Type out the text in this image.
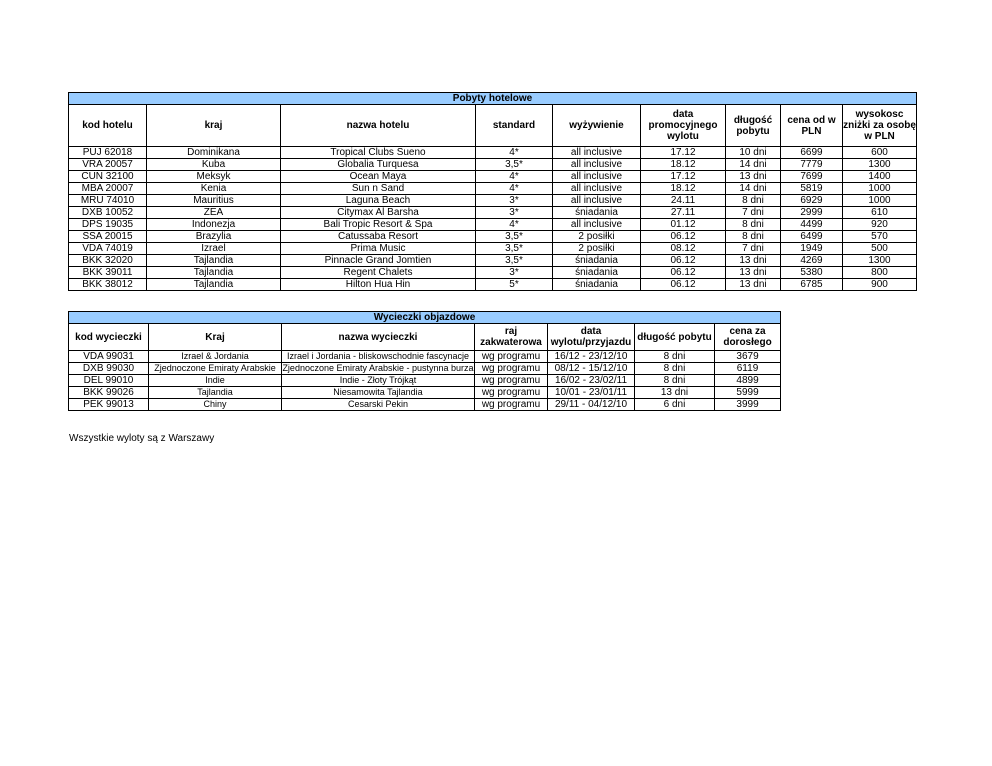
Pobyty hotelowe								
kod hotelu	kraj	nazwa hotelu	standard	wyżywienie	data promocyjnego wylotu	długość pobytu	cena od w PLN	wysokosc zniżki za osobę w PLN
PUJ 62018	Dominikana	Tropical Clubs Sueno	4*	all inclusive	17.12	10 dni	6699	600
VRA 20057	Kuba	Globalia Turquesa	3,5*	all inclusive	18.12	14 dni	7779	1300
CUN 32100	Meksyk	Ocean Maya	4*	all inclusive	17.12	13 dni	7699	1400
MBA 20007	Kenia	Sun n Sand	4*	all inclusive	18.12	14 dni	5819	1000
MRU 74010	Mauritius	Laguna Beach	3*	all inclusive	24.11	8 dni	6929	1000
DXB 10052	ZEA	Citymax Al Barsha	3*	śniadania	27.11	7 dni	2999	610
DPS 19035	Indonezja	Bali Tropic Resort & Spa	4*	all inclusive	01.12	8 dni	4499	920
SSA 20015	Brazylia	Catussaba Resort	3,5*	2 posiłki	06.12	8 dni	6499	570
VDA 74019	Izrael	Prima Music	3,5*	2 posiłki	08.12	7 dni	1949	500
BKK 32020	Tajlandia	Pinnacle Grand Jomtien	3,5*	śniadania	06.12	13 dni	4269	1300
BKK 39011	Tajlandia	Regent Chalets	3*	śniadania	06.12	13 dni	5380	800
BKK 38012	Tajlandia	Hilton Hua Hin	5*	śniadania	06.12	13 dni	6785	900
Wycieczki objazdowe						
kod wycieczki	Kraj	nazwa wycieczki	raj zakwaterowa	data wylotu/przyjazdu	długość pobytu	cena za dorosłego
VDA 99031	Izrael & Jordania	Izrael i Jordania - bliskowschodnie fascynacje	wg programu	16/12 - 23/12/10	8 dni	3679
DXB 99030	Zjednoczone Emiraty Arabskie	Zjednoczone Emiraty Arabskie - pustynna burza	wg programu	08/12 - 15/12/10	8 dni	6119
DEL 99010	Indie	Indie - Złoty Trójkąt	wg programu	16/02 - 23/02/11	8 dni	4899
BKK 99026	Tajlandia	Niesamowita Tajlandia	wg programu	10/01 - 23/01/11	13 dni	5999
PEK 99013	Chiny	Cesarski Pekin	wg programu	29/11 - 04/12/10	6 dni	3999
Wszystkie wyloty są z Warszawy
